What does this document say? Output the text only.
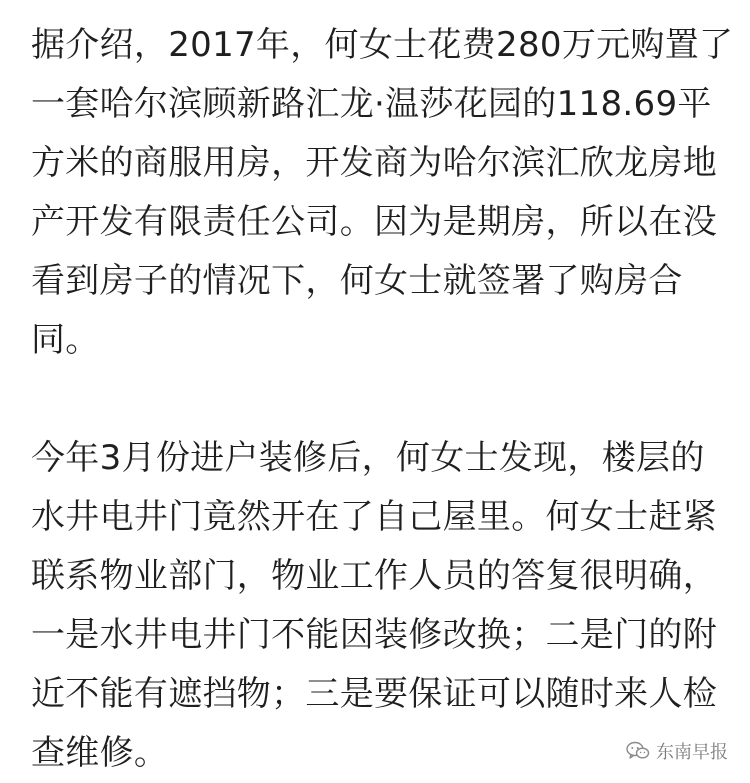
据介绍，2017年，何女士花费280万元购置了
一套哈尔滨顾新路汇龙·温莎花园的118.69平
方米的商服用房，开发商为哈尔滨汇欣龙房地
产开发有限责任公司。因为是期房，所以在没
看到房子的情况下，何女士就签署了购房合
同。
今年3月份进户装修后，何女士发现，楼层的
水井电井门竟然开在了自己屋里。何女士赶紧
联系物业部门，物业工作人员的答复很明确，
一是水井电井门不能因装修改换；二是门的附
近不能有遮挡物；三是要保证可以随时来人检
查维修。	东南早报
